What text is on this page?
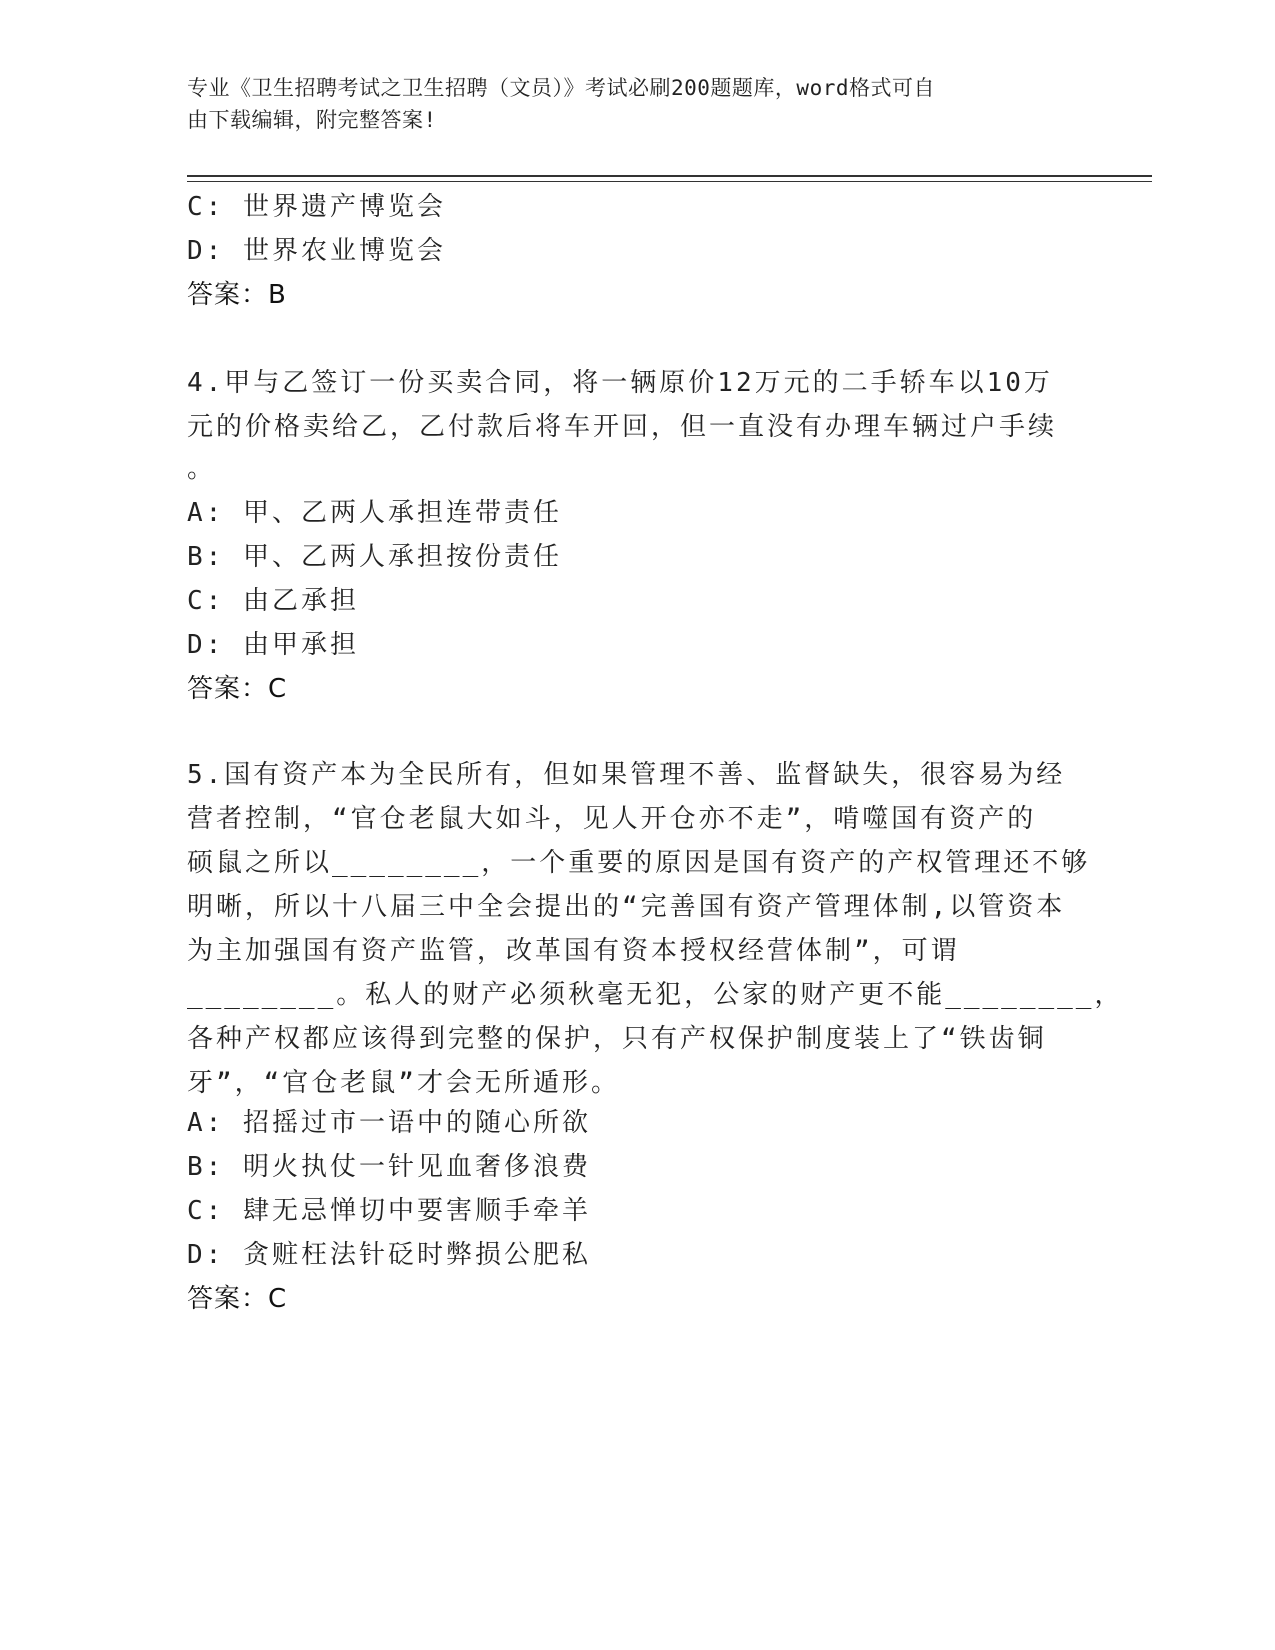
专业《卫生招聘考试之卫生招聘（文员）》考试必刷200题题库，word格式可自
由下载编辑，附完整答案!
C: 世界遗产博览会
D: 世界农业博览会
答案：B
4.甲与乙签订一份买卖合同，将一辆原价12万元的二手轿车以10万
元的价格卖给乙，乙付款后将车开回，但一直没有办理车辆过户手续
。
A: 甲、乙两人承担连带责任
B: 甲、乙两人承担按份责任
C: 由乙承担
D: 由甲承担
答案：C
5.国有资产本为全民所有，但如果管理不善、监督缺失，很容易为经
营者控制，“官仓老鼠大如斗，见人开仓亦不走”，啃噬国有资产的
硕鼠之所以________，一个重要的原因是国有资产的产权管理还不够
明晰，所以十八届三中全会提出的“完善国有资产管理体制,以管资本
为主加强国有资产监管，改革国有资本授权经营体制”，可谓
________。私人的财产必须秋毫无犯，公家的财产更不能________，
各种产权都应该得到完整的保护，只有产权保护制度装上了“铁齿铜
牙”，“官仓老鼠”才会无所遁形。
A: 招摇过市一语中的随心所欲
B: 明火执仗一针见血奢侈浪费
C: 肆无忌惮切中要害顺手牵羊
D: 贪赃枉法针砭时弊损公肥私
答案：C
